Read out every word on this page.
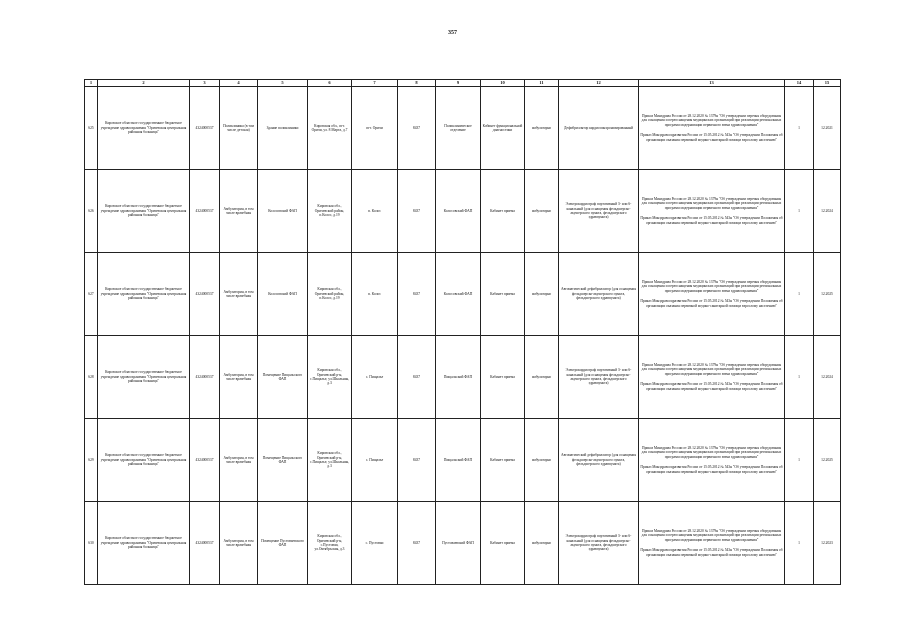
357
1	2	3	4	5	6	7	8	9	10	11	12	13	14	15
625	Кировское областное государственное бюджетное учреждение здравоохранения "Оричевская центральная районная больница"	4324000537	Поликлиника (в том числе детская)	Здание поликлиники	Кировская обл., пгт. Оричи, ул. 8 Марта, д.7	пгт. Оричи	8437	Поликлиническое отделение	Кабинет функциональной диагностики	амбулаторно	Дефибриллятор кардиосинхронизированный	Приказ Минздрава России от 28.12.2020 № 1379н "Об утверждении перечня оборудования для оснащения и переоснащения медицинских организаций при реализации региональных программ модернизации первичного звена здравоохранения"
Приказ Минздравсоцразвития России от 15.05.2012 № 543н "Об утверждении Положения об организации оказания первичной медико-санитарной помощи взрослому населению"	1	12.2021
626	Кировское областное государственное бюджетное учреждение здравоохранения "Оричевская центральная районная больница"	4324000537	Амбулатория, в том числе врачебная	Колосовский ФАП	Кировская обл., Оричевский район, п.Колос, д.19	п. Колос	8437	Колосовский ФАП	Кабинет приема	амбулаторно	Электрокардиограф портативный 3- или 6-канальный (для оснащения фельдшерско-акушерского пункта, фельдшерского здравпункта)	Приказ Минздрава России от 28.12.2020 № 1379н "Об утверждении перечня оборудования для оснащения и переоснащения медицинских организаций при реализации региональных программ модернизации первичного звена здравоохранения"
Приказ Минздравсоцразвития России от 15.05.2012 № 543н "Об утверждении Положения об организации оказания первичной медико-санитарной помощи взрослому населению"	1	12.2024
627	Кировское областное государственное бюджетное учреждение здравоохранения "Оричевская центральная районная больница"	4324000537	Амбулатория, в том числе врачебная	Колосовский ФАП	Кировская обл., Оричевский район, п.Колос, д.19	п. Колос	8437	Колосовский ФАП	Кабинет приема	амбулаторно	Автоматический дефибриллятор (для оснащения фельдшерско-акушерского пункта, фельдшерского здравпункта)	Приказ Минздрава России от 28.12.2020 № 1379н "Об утверждении перечня оборудования для оснащения и переоснащения медицинских организаций при реализации региональных программ модернизации первичного звена здравоохранения"
Приказ Минздравсоцразвития России от 15.05.2012 № 543н "Об утверждении Положения об организации оказания первичной медико-санитарной помощи взрослому населению"	1	12.2025
628	Кировское областное государственное бюджетное учреждение здравоохранения "Оричевская центральная районная больница"	4324000537	Амбулатория, в том числе врачебная	Помещение Пищальского ФАП	Кировская обл., Оричевский р-н, с.Пищалье, ул.Школьная, д.3	с. Пищалье	8437	Пищальский ФАП	Кабинет приема	амбулаторно	Электрокардиограф портативный 3- или 6-канальный (для оснащения фельдшерско-акушерского пункта, фельдшерского здравпункта)	Приказ Минздрава России от 28.12.2020 № 1379н "Об утверждении перечня оборудования для оснащения и переоснащения медицинских организаций при реализации региональных программ модернизации первичного звена здравоохранения"
Приказ Минздравсоцразвития России от 15.05.2012 № 543н "Об утверждении Положения об организации оказания первичной медико-санитарной помощи взрослому населению"	1	12.2024
629	Кировское областное государственное бюджетное учреждение здравоохранения "Оричевская центральная районная больница"	4324000537	Амбулатория, в том числе врачебная	Помещение Пищальского ФАП	Кировская обл., Оричевский р-н, с.Пищалье, ул.Школьная, д.3	с. Пищалье	8437	Пищальский ФАП	Кабинет приема	амбулаторно	Автоматический дефибриллятор (для оснащения фельдшерско-акушерского пункта, фельдшерского здравпункта)	Приказ Минздрава России от 28.12.2020 № 1379н "Об утверждении перечня оборудования для оснащения и переоснащения медицинских организаций при реализации региональных программ модернизации первичного звена здравоохранения"
Приказ Минздравсоцразвития России от 15.05.2012 № 543н "Об утверждении Положения об организации оказания первичной медико-санитарной помощи взрослому населению"	1	12.2025
630	Кировское областное государственное бюджетное учреждение здравоохранения "Оричевская центральная районная больница"	4324000537	Амбулатория, в том числе врачебная	Помещение Пустоваевского ФАП	Кировская обл., Оричевский р-н, с.Пустоваи, ул.Октябрьская, д.3	с. Пустоваи	8437	Пустоваевский ФАП	Кабинет приема	амбулаторно	Электрокардиограф портативный 3- или 6-канальный (для оснащения фельдшерско-акушерского пункта, фельдшерского здравпункта)	Приказ Минздрава России от 28.12.2020 № 1379н "Об утверждении перечня оборудования для оснащения и переоснащения медицинских организаций при реализации региональных программ модернизации первичного звена здравоохранения"
Приказ Минздравсоцразвития России от 15.05.2012 № 543н "Об утверждении Положения об организации оказания первичной медико-санитарной помощи взрослому населению"	1	12.2023
